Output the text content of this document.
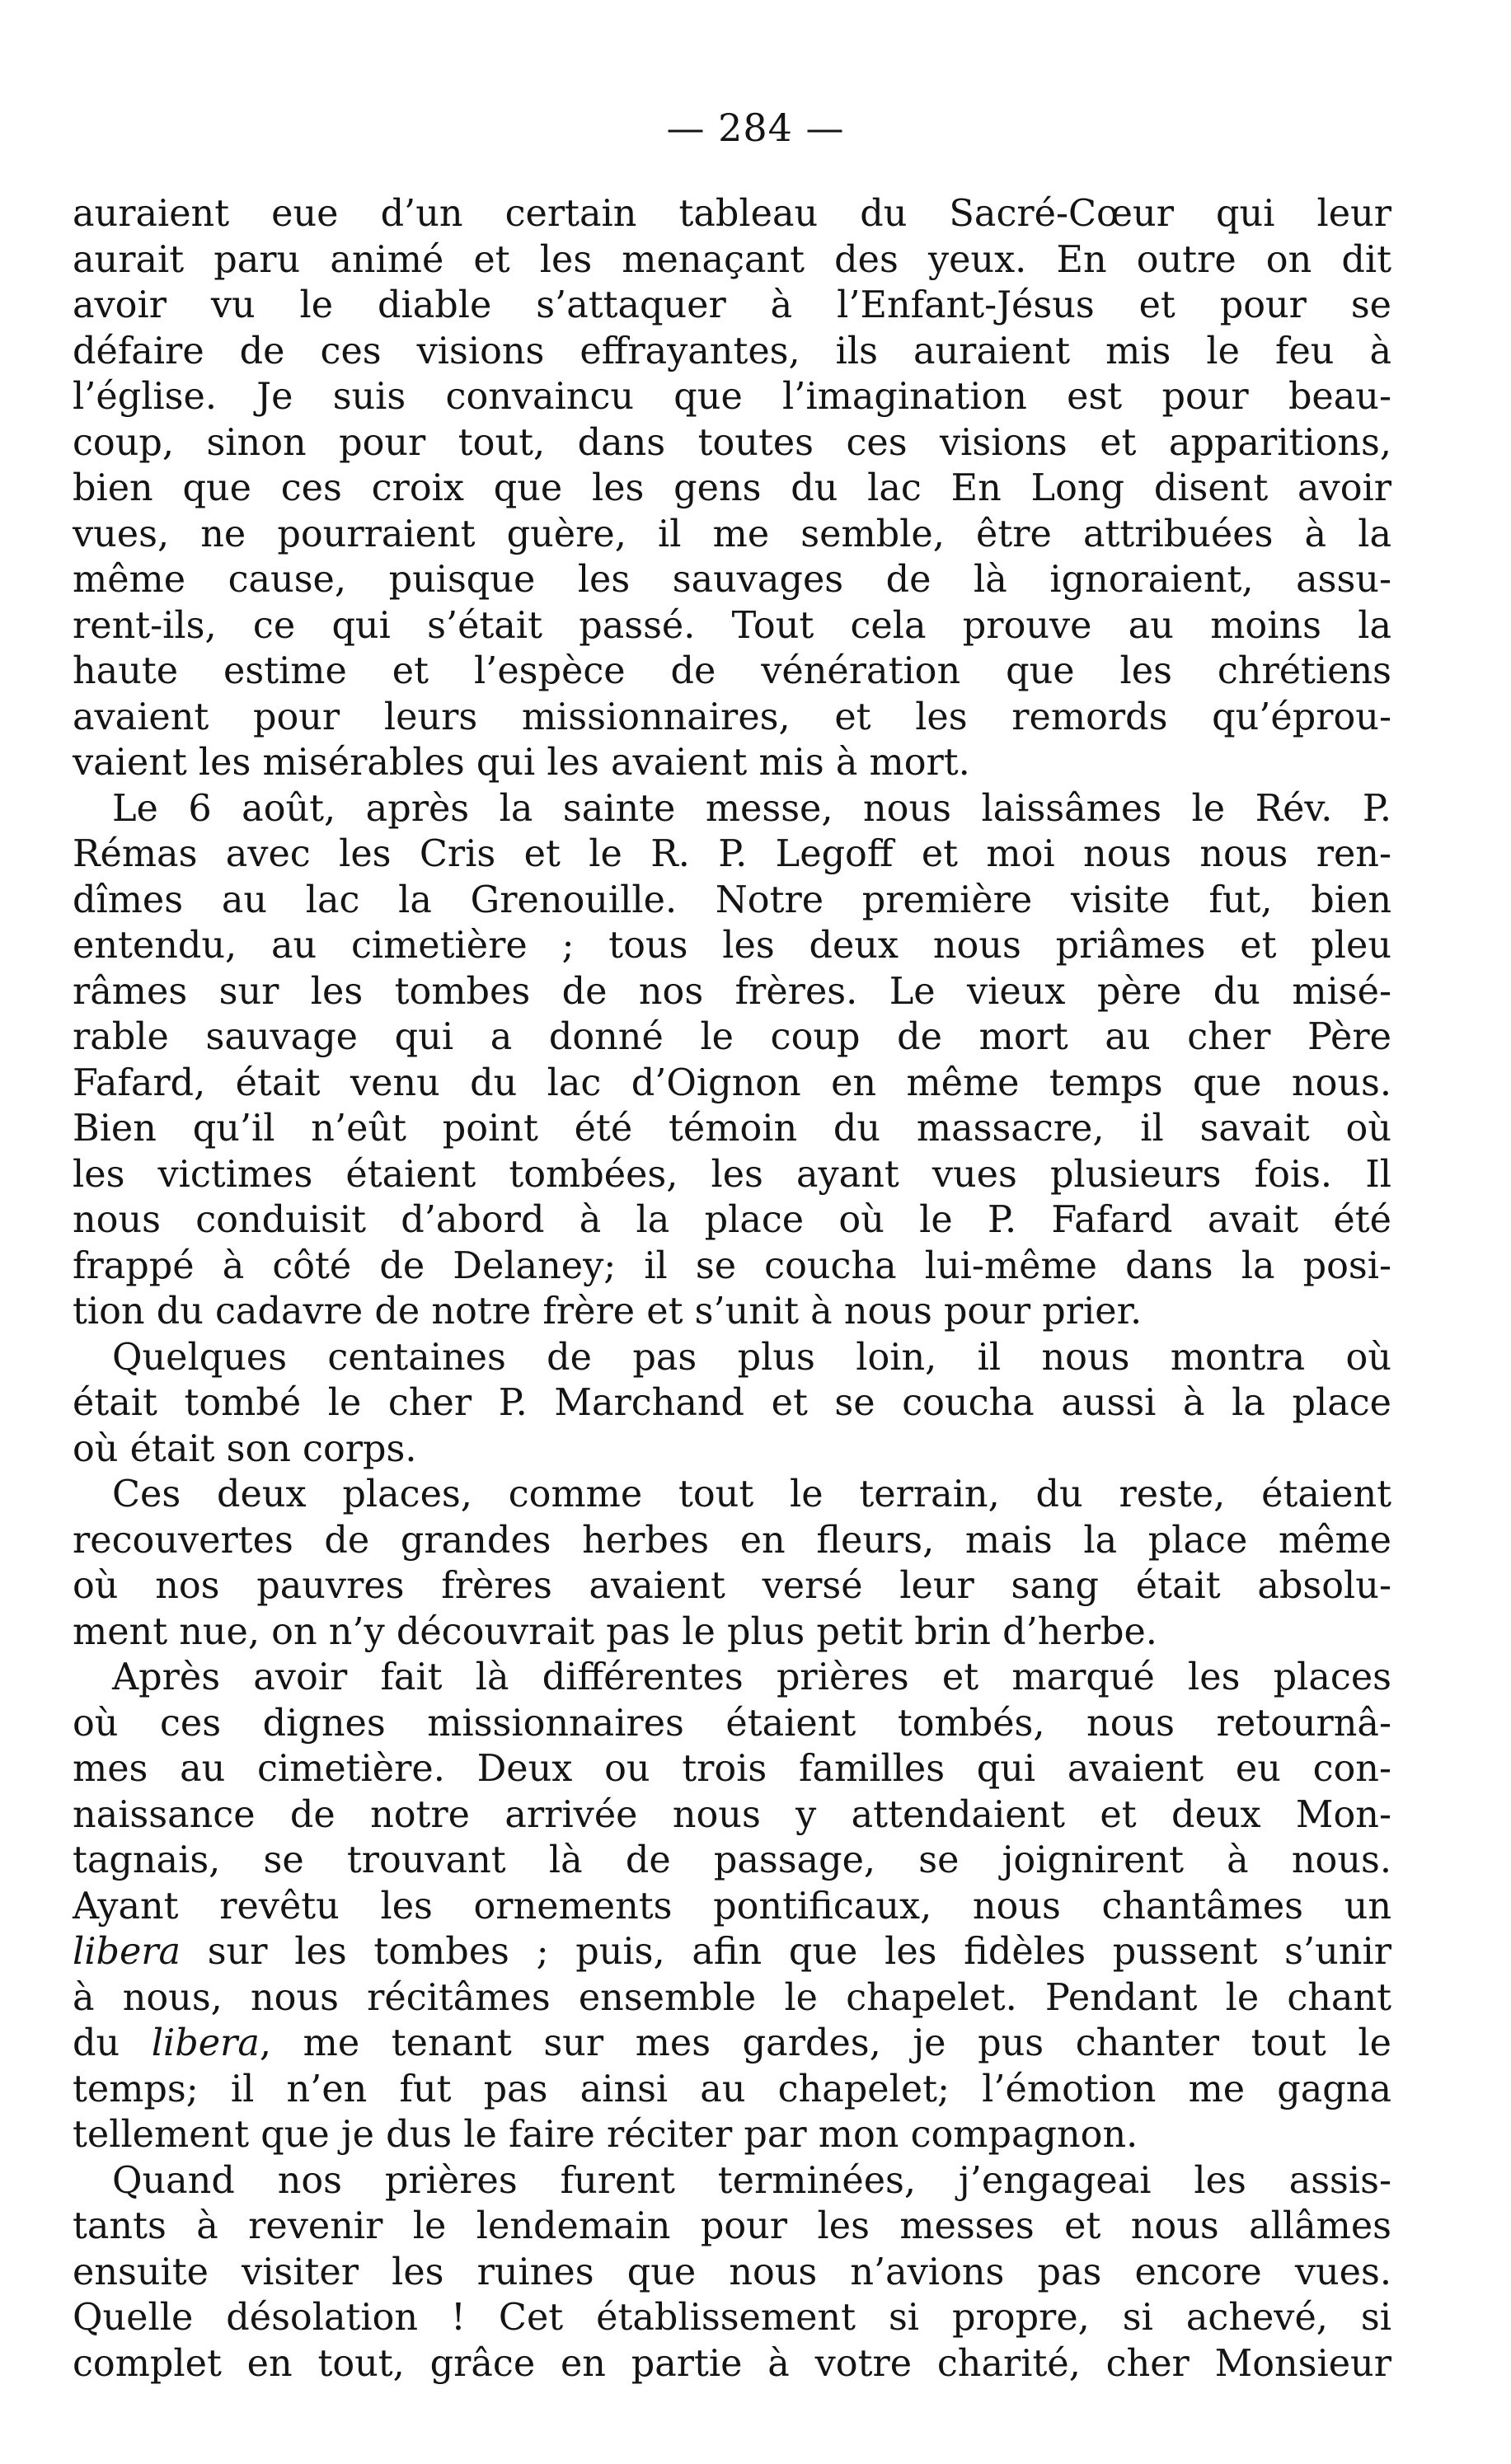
— 284 —
auraient eue d’un certain tableau du Sacré-Cœur qui leur
aurait paru animé et les menaçant des yeux. En outre on dit
avoir vu le diable s’attaquer à l’Enfant-Jésus et pour se
défaire de ces visions effrayantes, ils auraient mis le feu à
l’église. Je suis convaincu que l’imagination est pour beau-
coup, sinon pour tout, dans toutes ces visions et apparitions,
bien que ces croix que les gens du lac En Long disent avoir
vues, ne pourraient guère, il me semble, être attribuées à la
même cause, puisque les sauvages de là ignoraient, assu-
rent-ils, ce qui s’était passé. Tout cela prouve au moins la
haute estime et l’espèce de vénération que les chrétiens
avaient pour leurs missionnaires, et les remords qu’éprou-
vaient les misérables qui les avaient mis à mort.
Le 6 août, après la sainte messe, nous laissâmes le Rév. P.
Rémas avec les Cris et le R. P. Legoff et moi nous nous ren-
dîmes au lac la Grenouille. Notre première visite fut, bien
entendu, au cimetière ; tous les deux nous priâmes et pleu
râmes sur les tombes de nos frères. Le vieux père du misé-
rable sauvage qui a donné le coup de mort au cher Père
Fafard, était venu du lac d’Oignon en même temps que nous.
Bien qu’il n’eût point été témoin du massacre, il savait où
les victimes étaient tombées, les ayant vues plusieurs fois. Il
nous conduisit d’abord à la place où le P. Fafard avait été
frappé à côté de Delaney; il se coucha lui-même dans la posi-
tion du cadavre de notre frère et s’unit à nous pour prier.
Quelques centaines de pas plus loin, il nous montra où
était tombé le cher P. Marchand et se coucha aussi à la place
où était son corps.
Ces deux places, comme tout le terrain, du reste, étaient
recouvertes de grandes herbes en fleurs, mais la place même
où nos pauvres frères avaient versé leur sang était absolu-
ment nue, on n’y découvrait pas le plus petit brin d’herbe.
Après avoir fait là différentes prières et marqué les places
où ces dignes missionnaires étaient tombés, nous retournâ-
mes au cimetière. Deux ou trois familles qui avaient eu con-
naissance de notre arrivée nous y attendaient et deux Mon-
tagnais, se trouvant là de passage, se joignirent à nous.
Ayant revêtu les ornements pontificaux, nous chantâmes un
libera sur les tombes ; puis, afin que les fidèles pussent s’unir
à nous, nous récitâmes ensemble le chapelet. Pendant le chant
du libera, me tenant sur mes gardes, je pus chanter tout le
temps; il n’en fut pas ainsi au chapelet; l’émotion me gagna
tellement que je dus le faire réciter par mon compagnon.
Quand nos prières furent terminées, j’engageai les assis-
tants à revenir le lendemain pour les messes et nous allâmes
ensuite visiter les ruines que nous n’avions pas encore vues.
Quelle désolation ! Cet établissement si propre, si achevé, si
complet en tout, grâce en partie à votre charité, cher Monsieur
